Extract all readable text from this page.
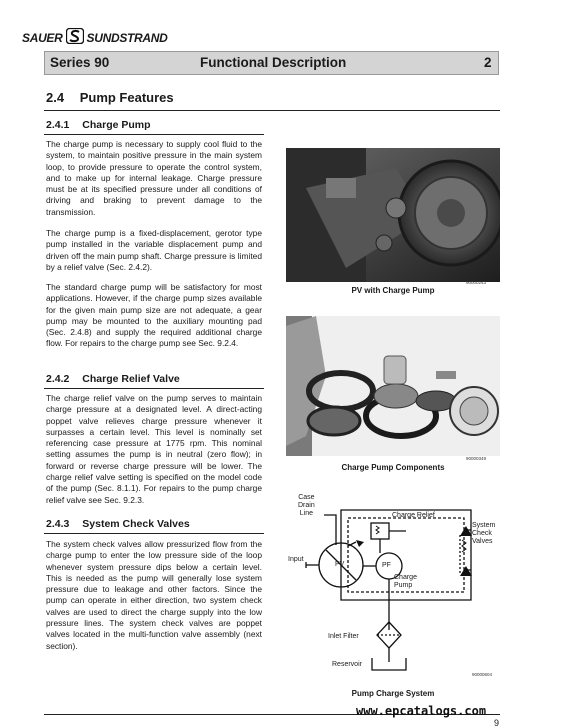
SAUER SUNDSTRAND
Series 90	Functional Description	2
2.4 Pump Features
2.4.1 Charge Pump
The charge pump is necessary to supply cool fluid to the system, to maintain positive pressure in the main system loop, to provide pressure to operate the control system, and to make up for internal leakage. Charge pressure must be at its specified pressure under all conditions of driving and braking to prevent damage to the transmission.
The charge pump is a fixed-displacement, gerotor type pump installed in the variable displacement pump and driven off the main pump shaft. Charge pressure is limited by a relief valve (Sec. 2.4.2).
The standard charge pump will be satisfactory for most applications. However, if the charge pump sizes available for the given main pump size are not adequate, a gear pump may be mounted to the auxiliary mounting pad (Sec. 2.4.8) and supply the required additional charge flow. For repairs to the charge pump see Sec. 9.2.4.
2.4.2 Charge Relief Valve
The charge relief valve on the pump serves to maintain charge pressure at a designated level. A direct-acting poppet valve relieves charge pressure whenever it surpasses a certain level. This level is nominally set referencing case pressure at 1775 rpm. This nominal setting assumes the pump is in neutral (zero flow); in forward or reverse charge pressure will be lower. The charge relief valve setting is specified on the model code of the pump (Sec. 8.1.1). For repairs to the pump charge relief valve see Sec. 9.2.3.
2.4.3 System Check Valves
The system check valves allow pressurized flow from the charge pump to enter the low pressure side of the loop whenever system pressure dips below a certain level. This is needed as the pump will generally lose system pressure due to leakage and other factors. Since the pump can operate in either direction, two system check valves are used to direct the charge supply into the low pressure lines. The system check valves are poppet valves located in the multi-function valve assembly (next section).
90000243
PV with Charge Pump
90000349
Charge Pump Components
Case
Drain
Line	Charge Relief
System
Check
Valves
Input
PV	PF
Charge
Pump
Inlet Filter
Reservoir
90000604
Pump Charge System
www.epcatalogs.com
9
